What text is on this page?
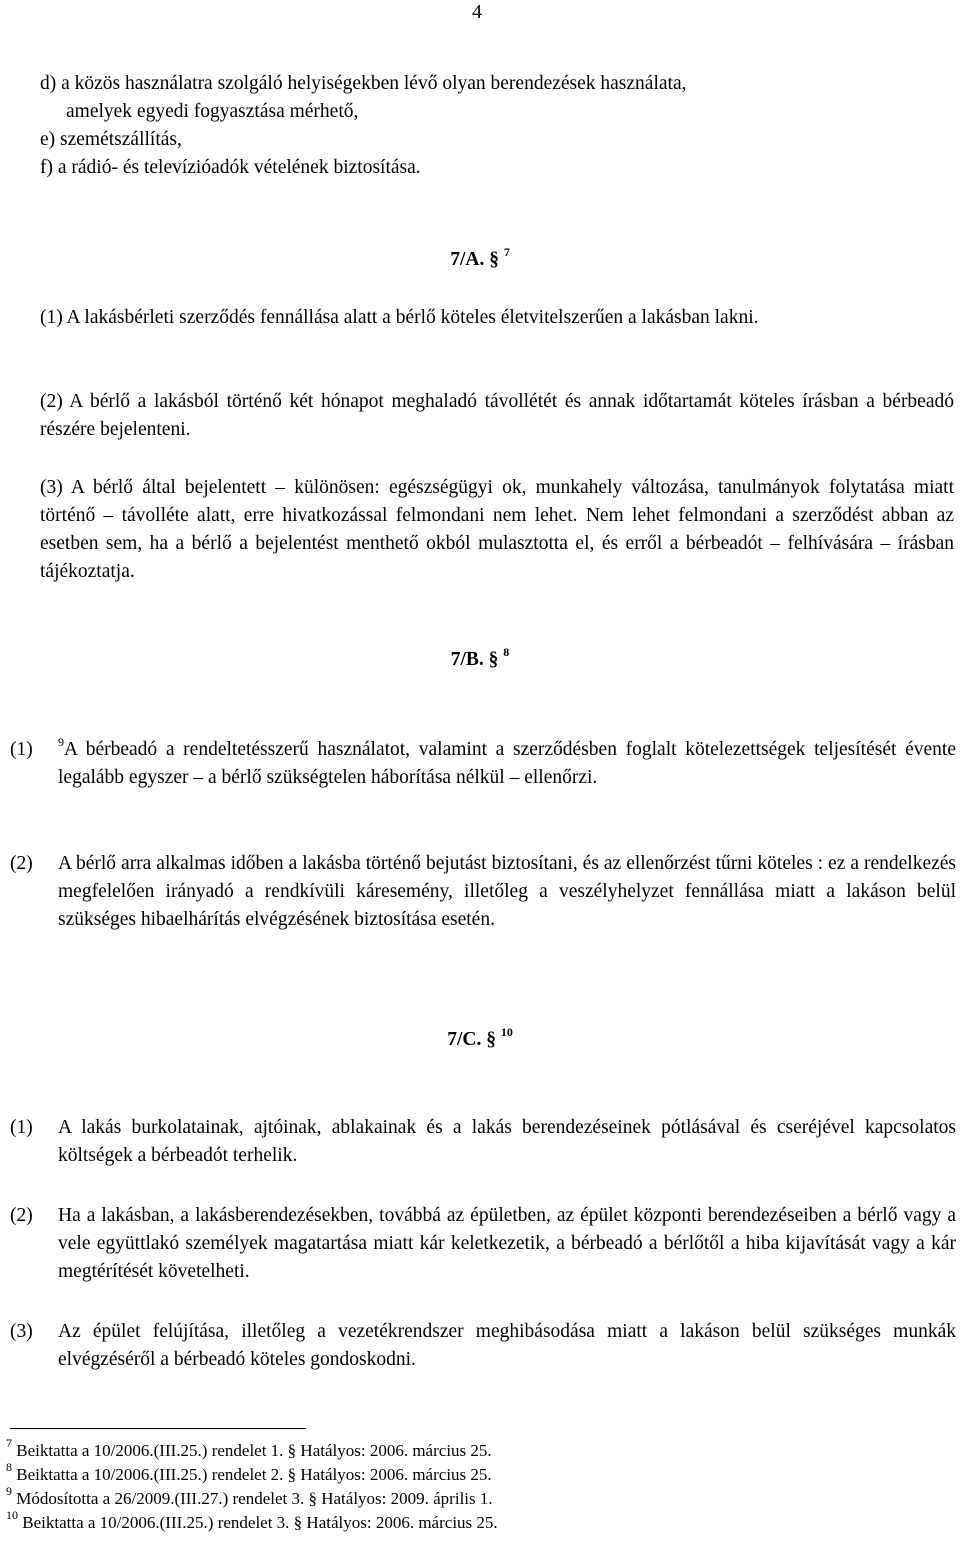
4

d) a közös használatra szolgáló helyiségekben lévő olyan berendezések használata,

amelyek egyedi fogyasztása mérhető,

e) szemétszállítás,

f) a rádió- és televízióadók vételének biztosítása.

7/A. § $^7$
(1) A lakásbérleti szerződés fennállása alatt a bérlő köteles életvitelszerűen a lakásban lakni.
(2) A bérlő a lakásból történő két hónapot meghaladó távollétét és annak időtartamát köteles írásban a bérbeadó részére bejelenteni.
(3) A bérlő által bejelentett – különösen: egészségügyi ok, munkahely változása, tanulmányok folytatása miatt történő – távolléte alatt, erre hivatkozással felmondani nem lehet. Nem lehet felmondani a szerződést abban az esetben sem, ha a bérlő a bejelentést menthető okból mulasztotta el, és erről a bérbeadót – felhívására – írásban tájékoztatja.
7/B. § $^8$
(1) $^9$A bérbeadó a rendeltetésszerű használatot, valamint a szerződésben foglalt kötelezettségek teljesítését évente legalább egyszer – a bérlő szükségtelen háborítása nélkül – ellenőrzi.
(2) A bérlő arra alkalmas időben a lakásba történő bejutást biztosítani, és az ellenőrzést tűrni köteles : ez a rendelkezés megfelelően irányadó a rendkívüli káresemény, illetőleg a veszélyhelyzet fennállása miatt a lakáson belül szükséges hibaelhárítás elvégzésének biztosítása esetén.
7/C. § $^{10}$
(1) A lakás burkolatainak, ajtóinak, ablakainak és a lakás berendezéseinek pótlásával és cseréjével kapcsolatos költségek a bérbeadót terhelik.
(2) Ha a lakásban, a lakásberendezésekben, továbbá az épületben, az épület központi berendezéseiben a bérlő vagy a vele együttlakó személyek magatartása miatt kár keletkezetik, a bérbeadó a bérlőtől a hiba kijavítását vagy a kár megtérítését követelheti.
(3) Az épület felújítása, illetőleg a vezetékrendszer meghibásodása miatt a lakáson belül szükséges munkák elvégzéséről a bérbeadó köteles gondoskodni.
$^7$ Beiktatta a 10/2006.(III.25.) rendelet 1. § Hatályos: 2006. március 25.
$^8$ Beiktatta a 10/2006.(III.25.) rendelet 2. § Hatályos: 2006. március 25.
$^9$ Módosította a 26/2009.(III.27.) rendelet 3. § Hatályos: 2009. április 1.
$^{10}$ Beiktatta a 10/2006.(III.25.) rendelet 3. § Hatályos: 2006. március 25.
